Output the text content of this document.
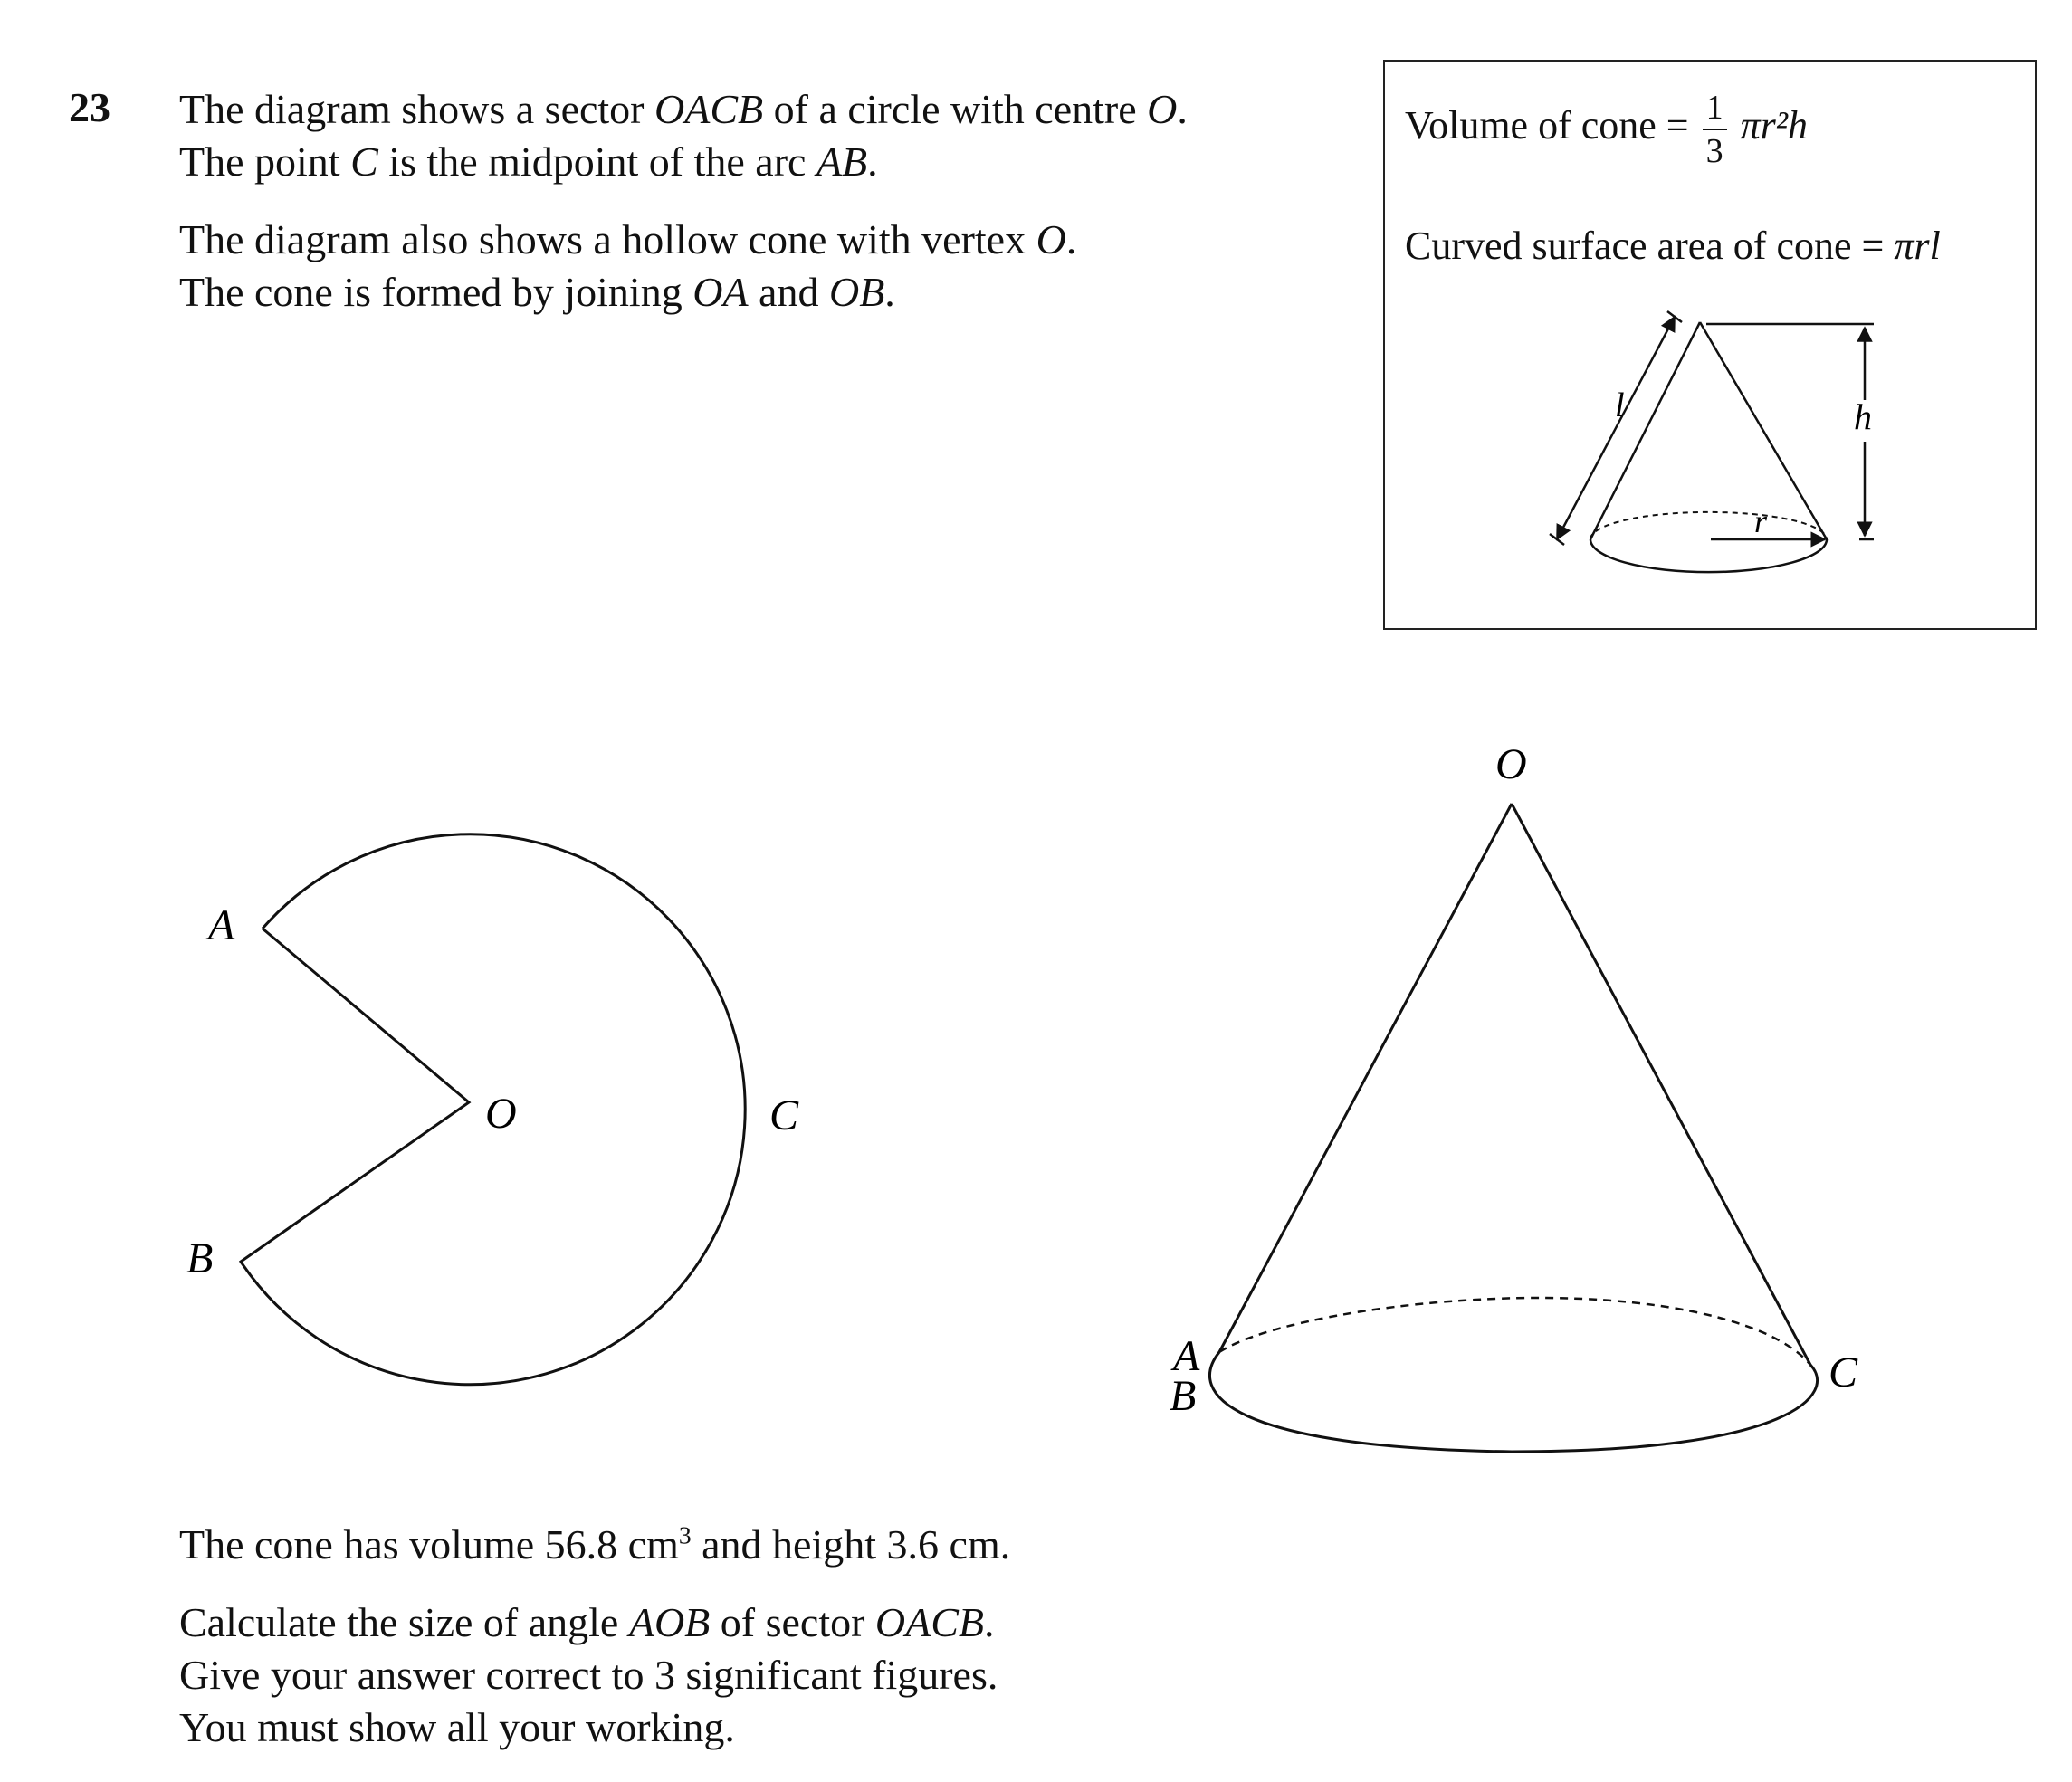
23 The diagram shows a sector OACB of a circle with centre O.
The point C is the midpoint of the arc AB.

The diagram also shows a hollow cone with vertex O.
The cone is formed by joining OA and OB.

Volume of cone = $\frac{1}{3} \pi r^2h$
Curved surface area of cone = πrl
l	h
r
A
B
O	C
O
A
B	C

The cone has volume 56.8 $cm^3$ and height 3.6 cm.

Calculate the size of angle AOB of sector OACB.
Give your answer correct to 3 significant figures.
You must show all your working.
